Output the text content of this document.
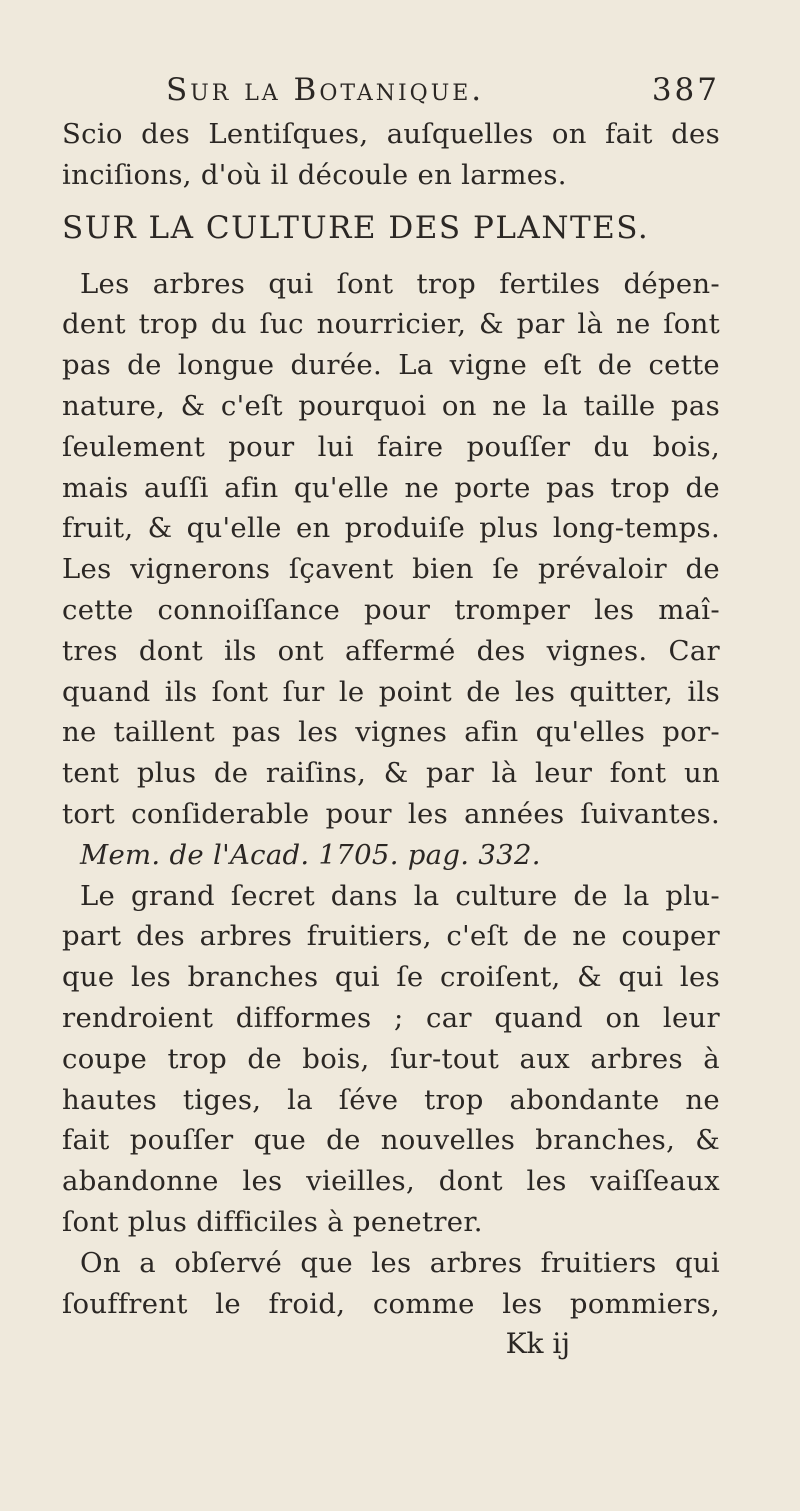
Sur la Botanique.	387
Scio des Lentiſques, auſquelles on fait des
inciſions, d'où il découle en larmes.
SUR LA CULTURE DES PLANTES.
Les arbres qui ſont trop fertiles dépen-
dent trop du ſuc nourricier, & par là ne ſont
pas de longue durée. La vigne eſt de cette
nature, & c'eſt pourquoi on ne la taille pas
ſeulement pour lui faire pouſſer du bois,
mais auſſi afin qu'elle ne porte pas trop de
fruit, & qu'elle en produiſe plus long-temps.
Les vignerons ſçavent bien ſe prévaloir de
cette connoiſſance pour tromper les maî-
tres dont ils ont affermé des vignes. Car
quand ils ſont ſur le point de les quitter, ils
ne taillent pas les vignes afin qu'elles por-
tent plus de raiſins, & par là leur font un
tort conſiderable pour les années ſuivantes.
Mem. de l'Acad. 1705. pag. 332.
Le grand ſecret dans la culture de la plu-
part des arbres fruitiers, c'eſt de ne couper
que les branches qui ſe croiſent, & qui les
rendroient difformes ; car quand on leur
coupe trop de bois, ſur-tout aux arbres à
hautes tiges, la ſéve trop abondante ne
fait pouſſer que de nouvelles branches, &
abandonne les vieilles, dont les vaiſſeaux
ſont plus difficiles à penetrer.
On a obſervé que les arbres fruitiers qui
ſouffrent le froid, comme les pommiers,
Kk ij
